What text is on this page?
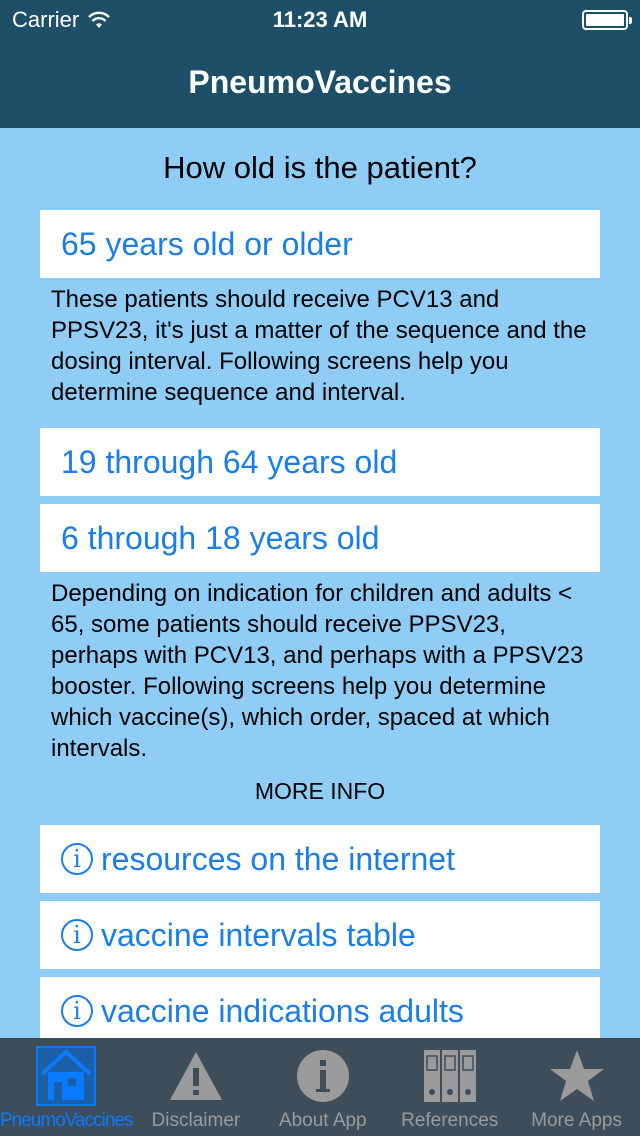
Carrier	11:23 AM
PneumoVaccines
How old is the patient?
65 years old or older
These patients should receive PCV13 and PPSV23, it's just a matter of the sequence and the dosing interval. Following screens help you determine sequence and interval.
19 through 64 years old
6 through 18 years old
Depending on indication for children and adults < 65, some patients should receive PPSV23, perhaps with PCV13, and perhaps with a PPSV23 booster. Following screens help you determine which vaccine(s), which order, spaced at which intervals.
MORE INFO
i resources on the internet
i vaccine intervals table
i vaccine indications adults
PneumoVaccines Disclaimer About App References More Apps
